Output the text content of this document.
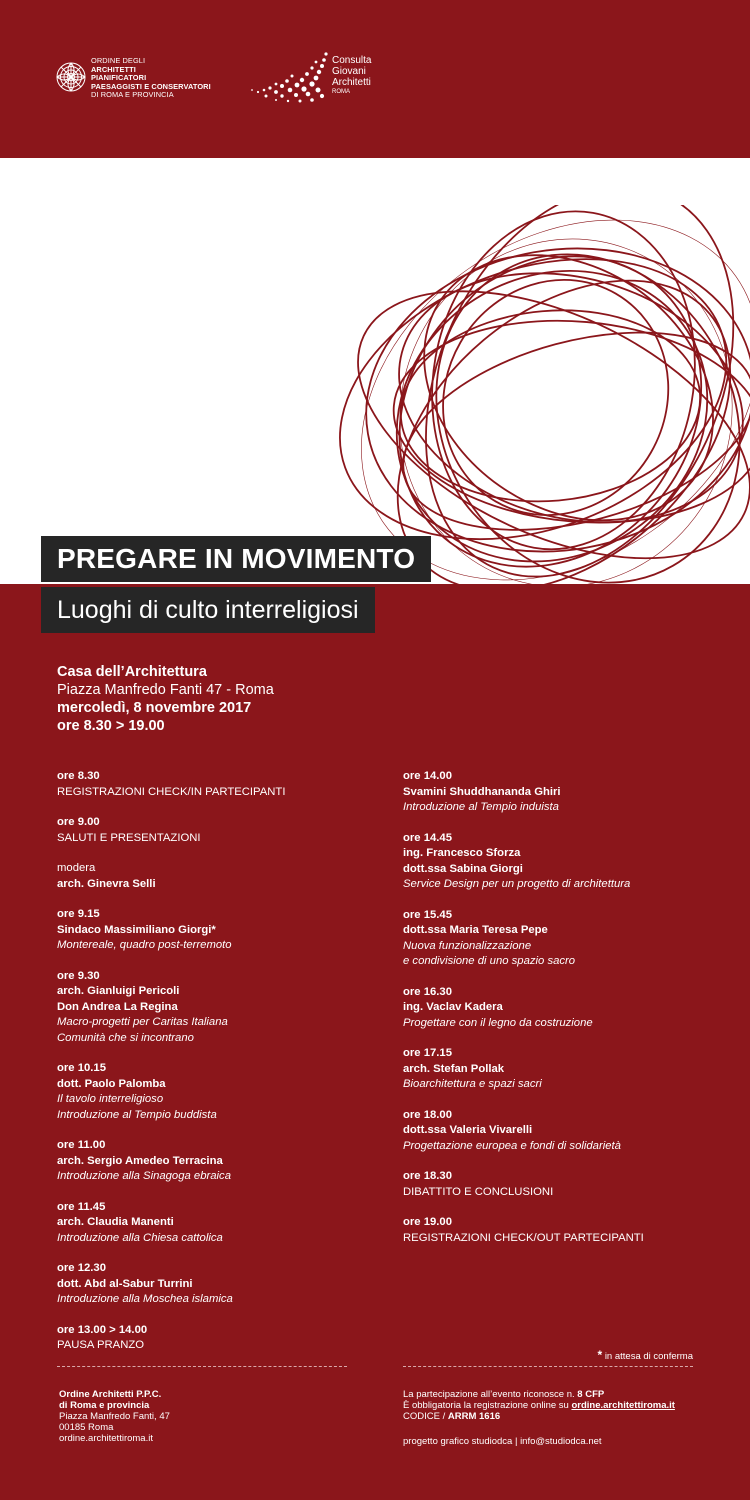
ORDINE DEGLI
ARCHITETTI
PIANIFICATORI
PAESAGGISTI E CONSERVATORI
DI ROMA E PROVINCIA
Consulta
Giovani
Architetti
ROMA
PREGARE IN MOVIMENTO
Luoghi di culto interreligiosi
Casa dell’Architettura
Piazza Manfredo Fanti 47 - Roma
mercoledì, 8 novembre 2017
ore 8.30 > 19.00
ore 8.30
REGISTRAZIONI CHECK/IN PARTECIPANTI
ore 9.00
SALUTI E PRESENTAZIONI
modera
arch. Ginevra Selli
ore 9.15
Sindaco Massimiliano Giorgi*
Montereale, quadro post-terremoto
ore 9.30
arch. Gianluigi Pericoli
Don Andrea La Regina
Macro-progetti per Caritas Italiana
Comunità che si incontrano
ore 10.15
dott. Paolo Palomba
Il tavolo interreligioso
Introduzione al Tempio buddista
ore 11.00
arch. Sergio Amedeo Terracina
Introduzione alla Sinagoga ebraica
ore 11.45
arch. Claudia Manenti
Introduzione alla Chiesa cattolica
ore 12.30
dott. Abd al-Sabur Turrini
Introduzione alla Moschea islamica
ore 13.00 > 14.00
PAUSA PRANZO
ore 14.00
Svamini Shuddhananda Ghiri
Introduzione al Tempio induista
ore 14.45
ing. Francesco Sforza
dott.ssa Sabina Giorgi
Service Design per un progetto di architettura
ore 15.45
dott.ssa Maria Teresa Pepe
Nuova funzionalizzazione
e condivisione di uno spazio sacro
ore 16.30
ing. Vaclav Kadera
Progettare con il legno da costruzione
ore 17.15
arch. Stefan Pollak
Bioarchitettura e spazi sacri
ore 18.00
dott.ssa Valeria Vivarelli
Progettazione europea e fondi di solidarietà
ore 18.30
DIBATTITO E CONCLUSIONI
ore 19.00
REGISTRAZIONI CHECK/OUT PARTECIPANTI
* in attesa di conferma
Ordine Architetti P.P.C.
di Roma e provincia
Piazza Manfredo Fanti, 47
00185 Roma
ordine.architettiroma.it
La partecipazione all’evento riconosce n. 8 CFP
È obbligatoria la registrazione online su ordine.architettiroma.it
CODICE / ARRM 1616
progetto grafico studiodca | info@studiodca.net
